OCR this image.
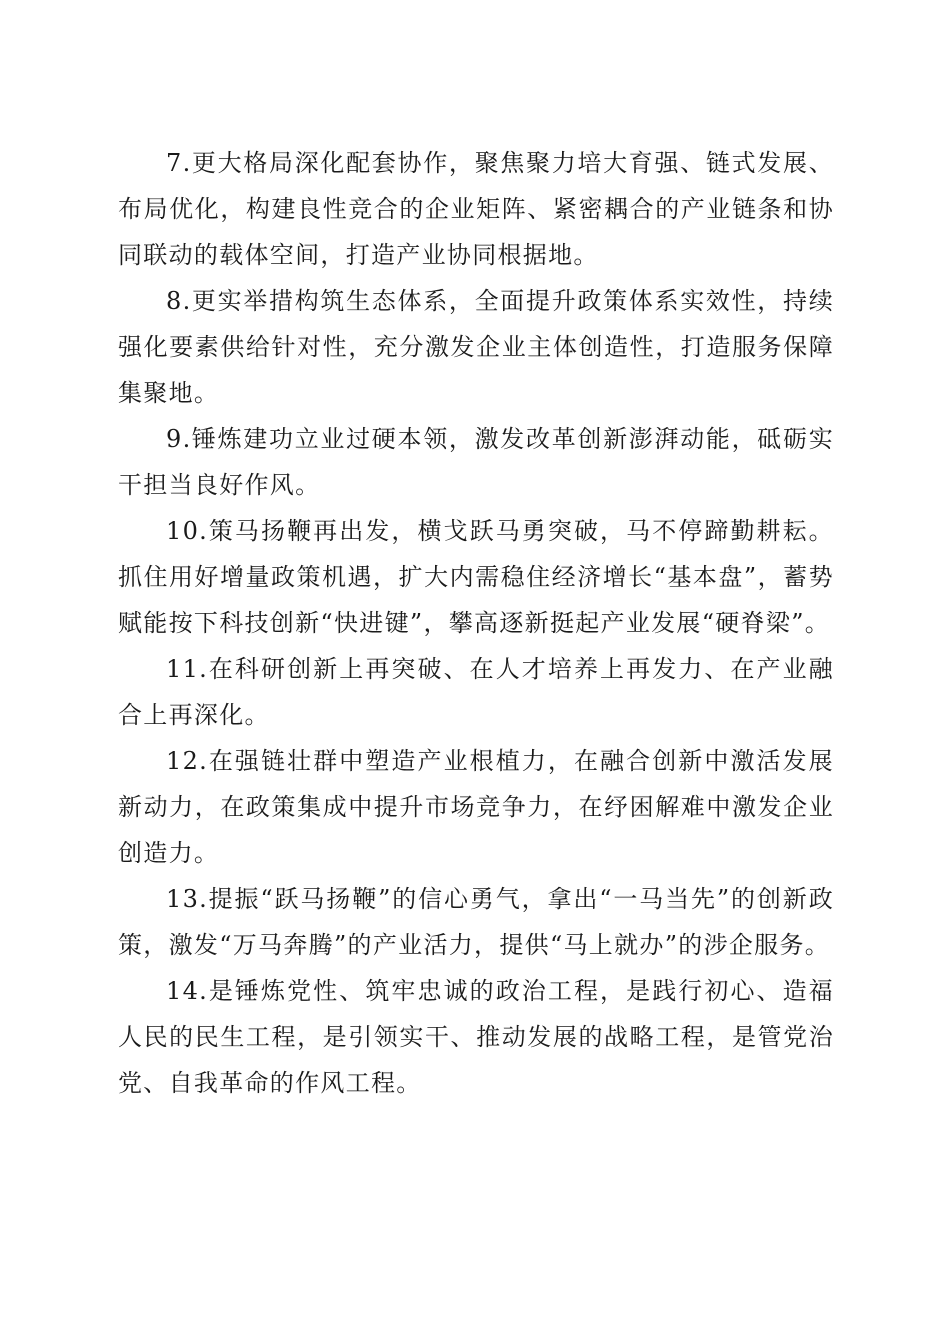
7.更大格局深化配套协作，聚焦聚力培大育强、链式发展、布局优化，构建良性竞合的企业矩阵、紧密耦合的产业链条和协同联动的载体空间，打造产业协同根据地。

8.更实举措构筑生态体系，全面提升政策体系实效性，持续强化要素供给针对性，充分激发企业主体创造性，打造服务保障集聚地。

9.锤炼建功立业过硬本领，激发改革创新澎湃动能，砥砺实干担当良好作风。

10.策马扬鞭再出发，横戈跃马勇突破，马不停蹄勤耕耘。抓住用好增量政策机遇，扩大内需稳住经济增长“基本盘”，蓄势赋能按下科技创新“快进键”，攀高逐新挺起产业发展“硬脊梁”。

11.在科研创新上再突破、在人才培养上再发力、在产业融合上再深化。

12.在强链壮群中塑造产业根植力，在融合创新中激活发展新动力，在政策集成中提升市场竞争力，在纾困解难中激发企业创造力。

13.提振“跃马扬鞭”的信心勇气，拿出“一马当先”的创新政策，激发“万马奔腾”的产业活力，提供“马上就办”的涉企服务。

14.是锤炼党性、筑牢忠诚的政治工程，是践行初心、造福人民的民生工程，是引领实干、推动发展的战略工程，是管党治党、自我革命的作风工程。
